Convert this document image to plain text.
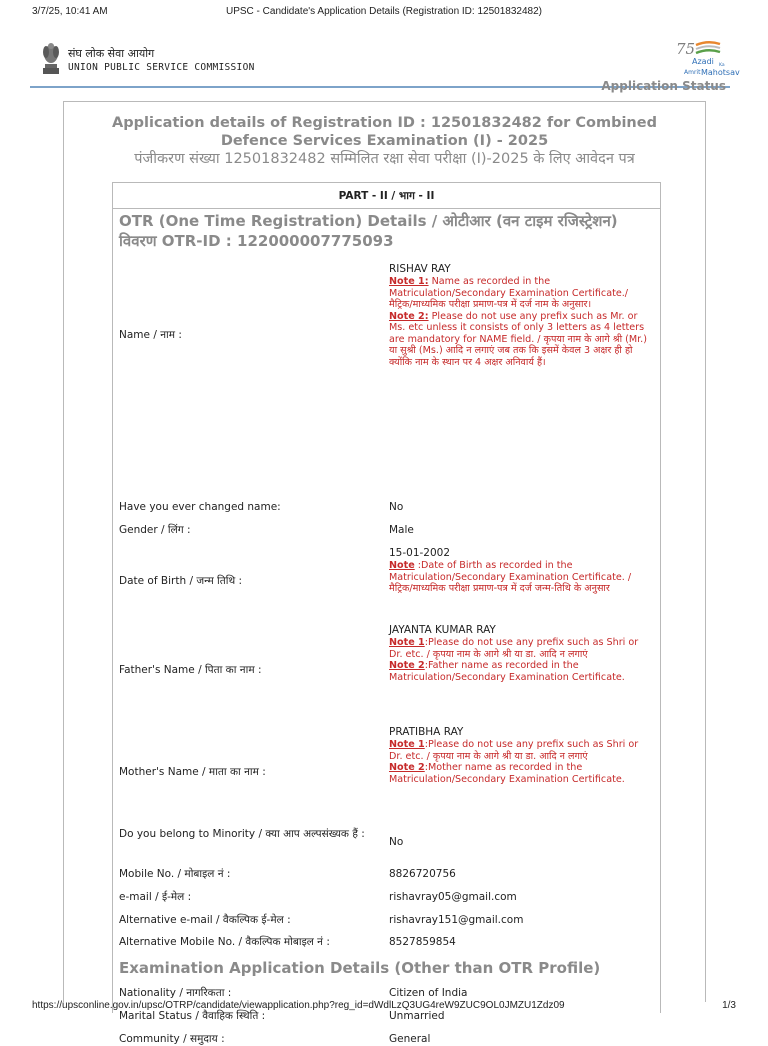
3/7/25, 10:41 AM	UPSC - Candidate's Application Details (Registration ID: 12501832482)
संघ लोक सेवा आयोग
UNION PUBLIC SERVICE COMMISSION
75
Azadi Ka
Amrit Mahotsav
Application Status
Application details of Registration ID : 12501832482 for Combined Defence Services Examination (I) - 2025
पंजीकरण संख्या 12501832482 सम्मिलित रक्षा सेवा परीक्षा (I)-2025 के लिए आवेदन पत्र
PART - II / भाग - II
OTR (One Time Registration) Details / ओटीआर (वन टाइम रजिस्ट्रेशन) विवरण OTR-ID : 122000007775093
Name / नाम :
RISHAV RAY
Note 1: Name as recorded in the Matriculation/Secondary Examination Certificate./ मैट्रिक/माध्यमिक परीक्षा प्रमाण-पत्र में दर्ज नाम के अनुसार।
Note 2: Please do not use any prefix such as Mr. or Ms. etc unless it consists of only 3 letters as 4 letters are mandatory for NAME field. / कृपया नाम के आगे श्री (Mr.) या सुश्री (Ms.) आदि न लगाएं जब तक कि इसमें केवल 3 अक्षर ही हो क्योंकि नाम के स्थान पर 4 अक्षर अनिवार्य हैं।
Have you ever changed name:	No
Gender / लिंग :	Male
Date of Birth / जन्म तिथि :
15-01-2002
Note :Date of Birth as recorded in the Matriculation/Secondary Examination Certificate. / मैट्रिक/माध्यमिक परीक्षा प्रमाण-पत्र में दर्ज जन्म-तिथि के अनुसार
Father's Name / पिता का नाम :
JAYANTA KUMAR RAY
Note 1:Please do not use any prefix such as Shri or Dr. etc. / कृपया नाम के आगे श्री या डा. आदि न लगाएं
Note 2:Father name as recorded in the Matriculation/Secondary Examination Certificate.
Mother's Name / माता का नाम :
PRATIBHA RAY
Note 1:Please do not use any prefix such as Shri or Dr. etc. / कृपया नाम के आगे श्री या डा. आदि न लगाएं
Note 2:Mother name as recorded in the Matriculation/Secondary Examination Certificate.
Do you belong to Minority / क्या आप अल्पसंख्यक हैं :
No
Mobile No. / मोबाइल नं :	8826720756
e-mail / ई-मेल :	rishavray05@gmail.com
Alternative e-mail / वैकल्पिक ई-मेल :	rishavray151@gmail.com
Alternative Mobile No. / वैकल्पिक मोबाइल नं :	8527859854
Examination Application Details (Other than OTR Profile)
Nationality / नागरिकता :	Citizen of India
Marital Status / वैवाहिक स्थिति :	Unmarried
Community / समुदाय :	General
https://upsconline.gov.in/upsc/OTRP/candidate/viewapplication.php?reg_id=dWdlLzQ3UG4reW9ZUC9OL0JMZU1Zdz09	1/3
